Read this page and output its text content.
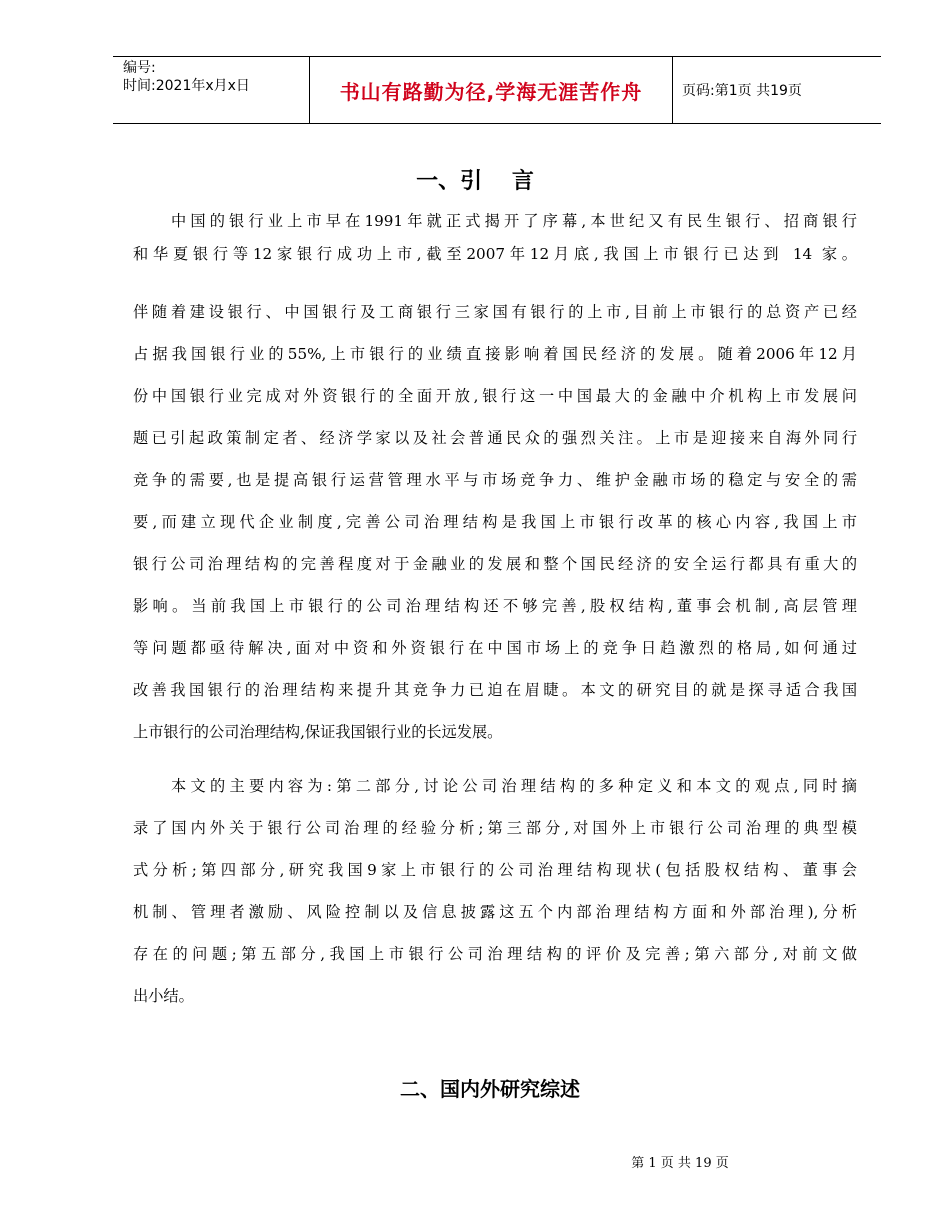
编号:
时间:2021年x月x日	书山有路勤为径,学海无涯苦作舟	页码:第1页 共19页
一、引　 言
中国的银行业上市早在1991年就正式揭开了序幕,本世纪又有民生银行、招商银行
和华夏银行等12家银行成功上市,截至2007年12月底,我国上市银行已达到 14 家。
伴随着建设银行、中国银行及工商银行三家国有银行的上市,目前上市银行的总资产已经
占据我国银行业的55%,上市银行的业绩直接影响着国民经济的发展。随着2006年12月
份中国银行业完成对外资银行的全面开放,银行这一中国最大的金融中介机构上市发展问
题已引起政策制定者、经济学家以及社会普通民众的强烈关注。上市是迎接来自海外同行
竞争的需要,也是提高银行运营管理水平与市场竞争力、维护金融市场的稳定与安全的需
要,而建立现代企业制度,完善公司治理结构是我国上市银行改革的核心内容,我国上市
银行公司治理结构的完善程度对于金融业的发展和整个国民经济的安全运行都具有重大的
影响。当前我国上市银行的公司治理结构还不够完善,股权结构,董事会机制,高层管理
等问题都亟待解决,面对中资和外资银行在中国市场上的竞争日趋激烈的格局,如何通过
改善我国银行的治理结构来提升其竞争力已迫在眉睫。本文的研究目的就是探寻适合我国
上市银行的公司治理结构,保证我国银行业的长远发展。
本文的主要内容为:第二部分,讨论公司治理结构的多种定义和本文的观点,同时摘
录了国内外关于银行公司治理的经验分析;第三部分,对国外上市银行公司治理的典型模
式分析;第四部分,研究我国9家上市银行的公司治理结构现状(包括股权结构、董事会
机制、管理者激励、风险控制以及信息披露这五个内部治理结构方面和外部治理),分析
存在的问题;第五部分,我国上市银行公司治理结构的评价及完善;第六部分,对前文做
出小结。
二、国内外研究综述
第 1 页 共 19 页
